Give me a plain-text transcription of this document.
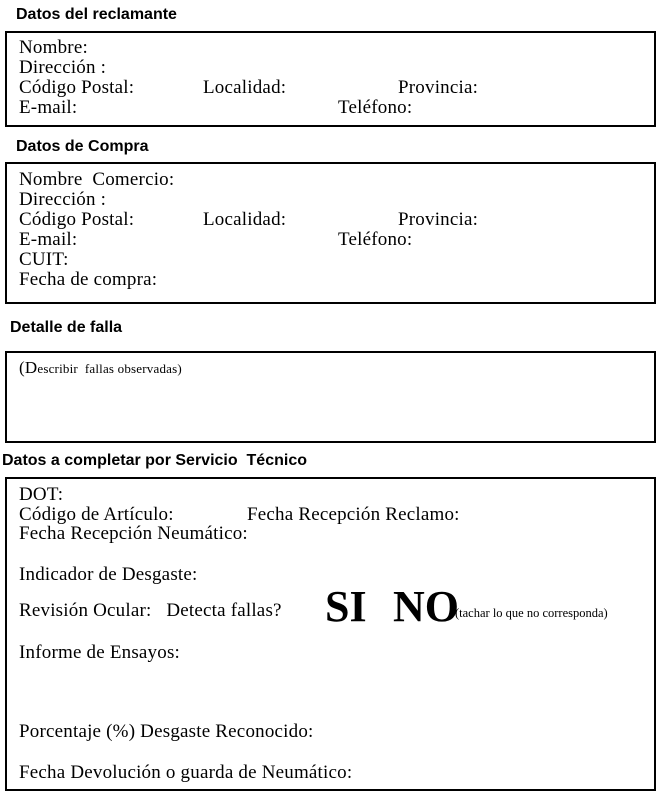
Datos del reclamante
Nombre:
Dirección :
Código Postal:	Localidad:	Provincia:
E-mail:	Teléfono:
Datos de Compra
Nombre  Comercio:
Dirección :
Código Postal:	Localidad:	Provincia:
E-mail:	Teléfono:
CUIT:
Fecha de compra:
Detalle de falla
(Describir  fallas observadas)
Datos a completar por Servicio  Técnico
DOT:
Código de Artículo:	Fecha Recepción Reclamo:
Fecha Recepción Neumático:
Indicador de Desgaste:
Revisión Ocular:   Detecta fallas? SI NO
(tachar lo que no corresponda)
Informe de Ensayos:
Porcentaje (%) Desgaste Reconocido:
Fecha Devolución o guarda de Neumático:
